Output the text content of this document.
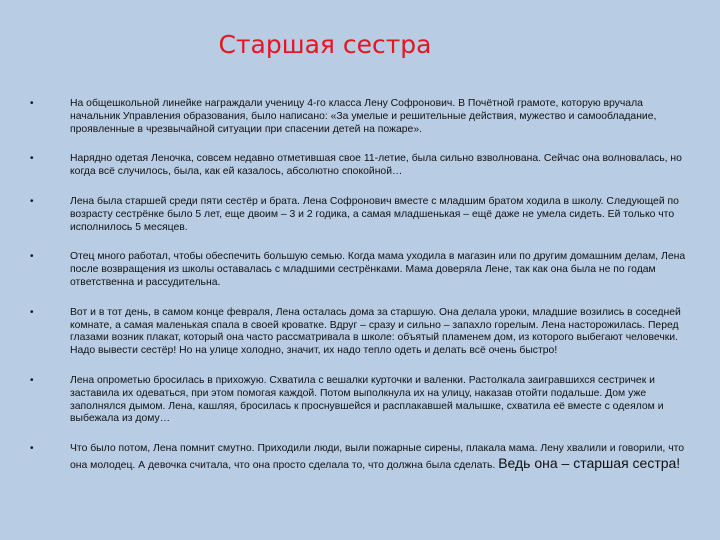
Старшая сестра
•	На общешкольной линейке награждали ученицу 4-го класса Лену Софронович. В Почётной грамоте, которую вручала начальник Управления образования, было написано: «За умелые и решительные действия, мужество и самообладание, проявленные в чрезвычайной ситуации при спасении детей на пожаре».
•	Нарядно одетая Леночка, совсем недавно отметившая свое 11-летие, была сильно взволнована. Сейчас она волновалась, но когда всё случилось, была, как ей казалось, абсолютно спокойной…
•	Лена была старшей среди пяти сестёр и брата. Лена Софронович вместе с младшим братом ходила в школу. Следующей по возрасту сестрёнке было 5 лет, еще двоим – 3 и 2 годика, а самая младшенькая – ещё даже не умела сидеть. Ей только что исполнилось 5 месяцев.
•	Отец много работал, чтобы обеспечить большую семью. Когда мама уходила в магазин или по другим домашним делам, Лена после возвращения из школы оставалась с младшими сестрёнками. Мама доверяла Лене, так как она была не по годам ответственна и рассудительна.
•	Вот и в тот день, в самом конце февраля, Лена осталась дома за старшую. Она делала уроки, младшие возились в соседней комнате, а самая маленькая спала в своей кроватке. Вдруг – сразу и сильно – запахло горелым. Лена насторожилась. Перед глазами возник плакат, который она часто рассматривала в школе: объятый пламенем дом, из которого выбегают человечки. Надо вывести сестёр! Но на улице холодно, значит, их надо тепло одеть и делать всё очень быстро!
•	Лена опрометью бросилась в прихожую. Схватила с вешалки курточки и валенки. Растолкала заигравшихся сестричек и заставила их одеваться, при этом помогая каждой. Потом выполкнула их на улицу, наказав отойти подальше. Дом уже заполнялся дымом. Лена, кашляя, бросилась к проснувшейся и расплакавшей малышке, схватила её вместе с одеялом и выбежала из дому…
•	Что было потом, Лена помнит смутно. Приходили люди, выли пожарные сирены, плакала мама. Лену хвалили и говорили, что она молодец. А девочка считала, что она просто сделала то, что должна была сделать. Ведь она – старшая сестра!
